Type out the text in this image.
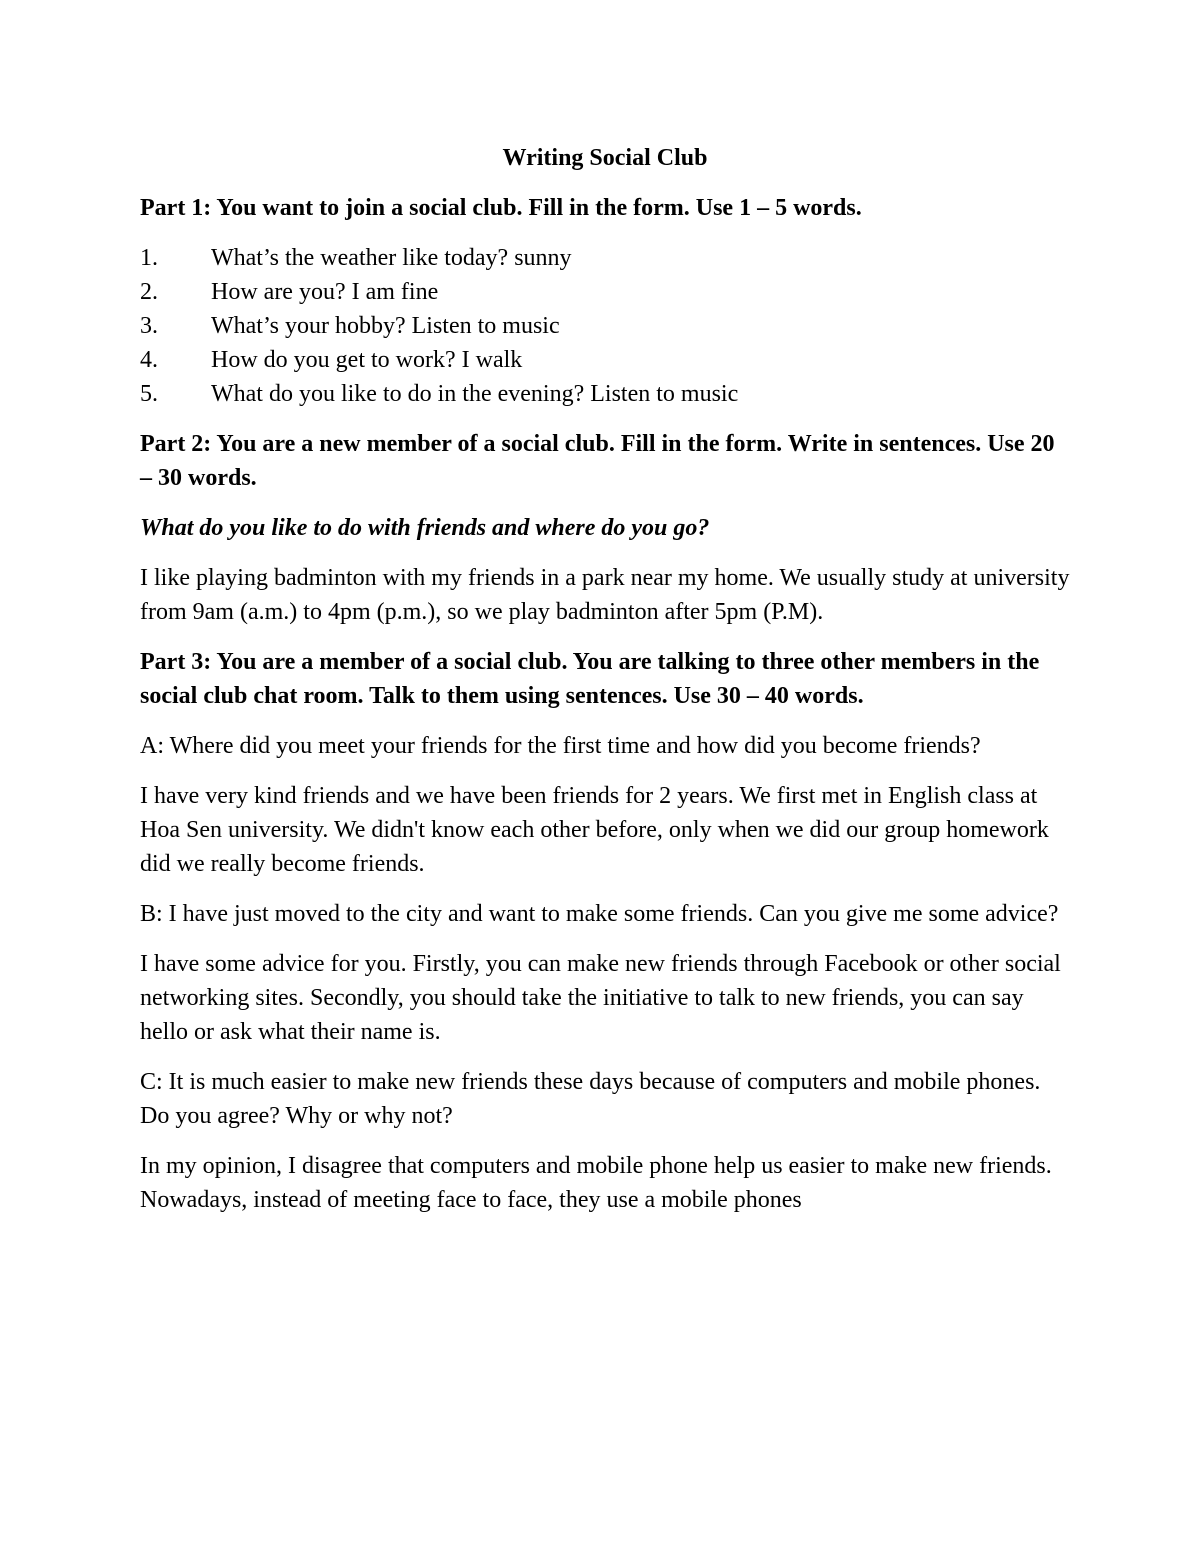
Writing Social Club

Part 1: You want to join a social club. Fill in the form. Use 1 – 5 words.

1.	What’s the weather like today? sunny
2.	How are you? I am fine
3.	What’s your hobby? Listen to music
4.	How do you get to work? I walk
5.	What do you like to do in the evening? Listen to music

Part 2: You are a new member of a social club. Fill in the form. Write in sentences. Use 20 – 30 words.

What do you like to do with friends and where do you go?

I like playing badminton with my friends in a park near my home. We usually study at university from 9am (a.m.) to 4pm (p.m.), so we play badminton after 5pm (P.M).

Part 3: You are a member of a social club. You are talking to three other members in the social club chat room. Talk to them using sentences. Use 30 – 40 words.

A: Where did you meet your friends for the first time and how did you become friends?

I have very kind friends and we have been friends for 2 years. We first met in English class at Hoa Sen university. We didn't know each other before, only when we did our group homework did we really become friends.

B: I have just moved to the city and want to make some friends. Can you give me some advice?

I have some advice for you. Firstly, you can make new friends through Facebook or other social networking sites. Secondly, you should take the initiative to talk to new friends, you can say hello or ask what their name is.

C: It is much easier to make new friends these days because of computers and mobile phones. Do you agree? Why or why not?

In my opinion, I disagree that computers and mobile phone help us easier to make new friends. Nowadays, instead of meeting face to face, they use a mobile phones
